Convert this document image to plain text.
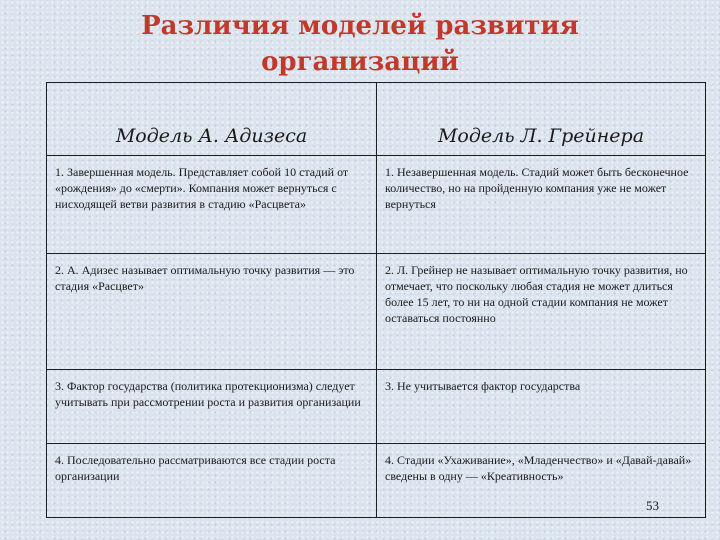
Различия моделей развития
организаций
Модель А. Адизеса	Модель Л. Грейнера
1. Завершенная модель. Представляет собой 10 стадий от «рождения» до «смерти». Компания может вернуться с нисходящей ветви развития в стадию «Расцвета»	1. Незавершенная модель. Стадий может быть бесконечное количество, но на пройденную компания уже не может вернуться
2. А. Адизес называет оптимальную точку развития — это стадия «Расцвет»	2. Л. Грейнер не называет оптимальную точку развития, но отмечает, что поскольку любая стадия не может длиться более 15 лет, то ни на одной стадии компания не может оставаться постоянно
3. Фактор государства (политика протекционизма) следует учитывать при рассмотрении роста и развития организации	3. Не учитывается фактор государства
4. Последовательно рассматриваются все стадии роста организации	4. Стадии «Ухаживание», «Младенчество» и «Давай-давай» сведены в одну — «Креативность»
53
